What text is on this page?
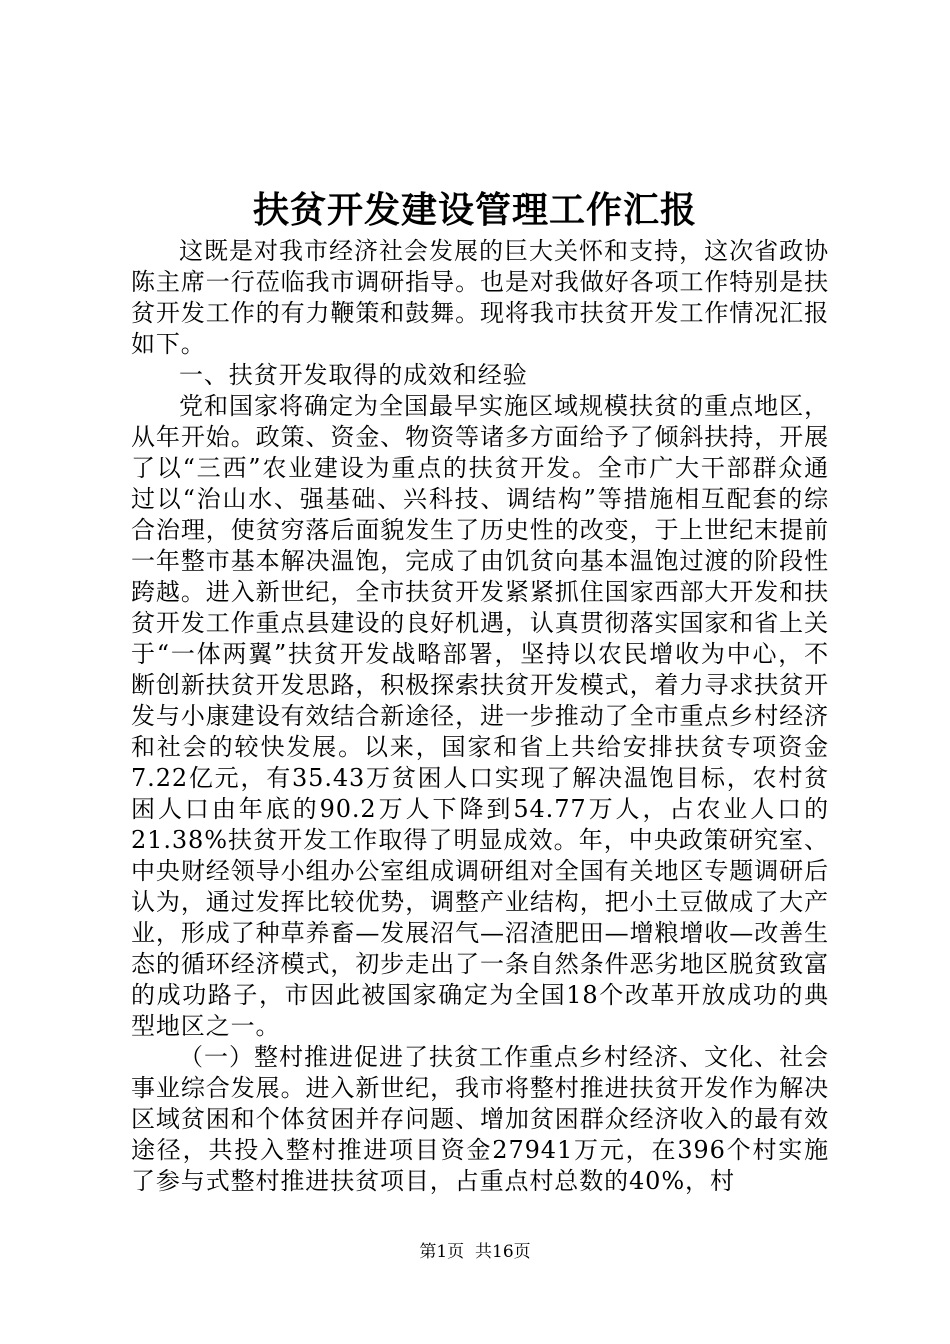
扶贫开发建设管理工作汇报

这既是对我市经济社会发展的巨大关怀和支持，这次省政协陈主席一行莅临我市调研指导。也是对我做好各项工作特别是扶贫开发工作的有力鞭策和鼓舞。现将我市扶贫开发工作情况汇报如下。

一、扶贫开发取得的成效和经验

党和国家将确定为全国最早实施区域规模扶贫的重点地区，从年开始。政策、资金、物资等诸多方面给予了倾斜扶持，开展了以“三西”农业建设为重点的扶贫开发。全市广大干部群众通过以“治山水、强基础、兴科技、调结构”等措施相互配套的综合治理，使贫穷落后面貌发生了历史性的改变，于上世纪末提前一年整市基本解决温饱，完成了由饥贫向基本温饱过渡的阶段性跨越。进入新世纪，全市扶贫开发紧紧抓住国家西部大开发和扶贫开发工作重点县建设的良好机遇，认真贯彻落实国家和省上关于“一体两翼”扶贫开发战略部署，坚持以农民增收为中心，不断创新扶贫开发思路，积极探索扶贫开发模式，着力寻求扶贫开发与小康建设有效结合新途径，进一步推动了全市重点乡村经济和社会的较快发展。以来，国家和省上共给安排扶贫专项资金7.22亿元，有35.43万贫困人口实现了解决温饱目标，农村贫困人口由年底的90.2万人下降到54.77万人，占农业人口的21.38%扶贫开发工作取得了明显成效。年，中央政策研究室、中央财经领导小组办公室组成调研组对全国有关地区专题调研后认为，通过发挥比较优势，调整产业结构，把小土豆做成了大产业，形成了种草养畜—发展沼气—沼渣肥田—增粮增收—改善生态的循环经济模式，初步走出了一条自然条件恶劣地区脱贫致富的成功路子，市因此被国家确定为全国18个改革开放成功的典型地区之一。

（一）整村推进促进了扶贫工作重点乡村经济、文化、社会事业综合发展。进入新世纪，我市将整村推进扶贫开发作为解决区域贫困和个体贫困并存问题、增加贫困群众经济收入的最有效途径，共投入整村推进项目资金27941万元，在396个村实施了参与式整村推进扶贫项目，占重点村总数的40%，村

第1页 共16页
